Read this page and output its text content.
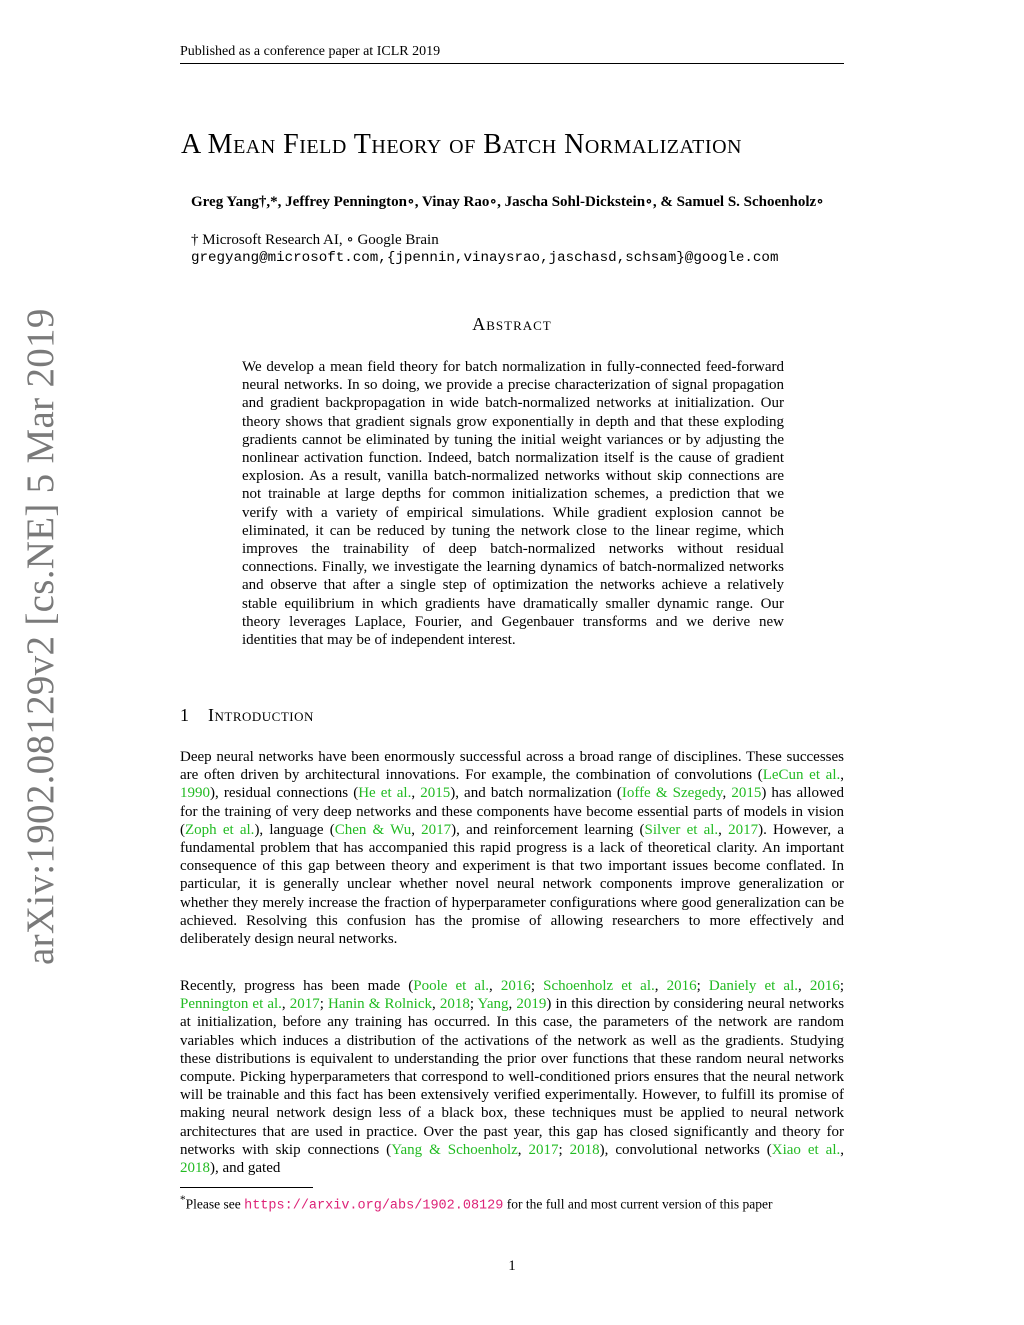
Published as a conference paper at ICLR 2019
arXiv:1902.08129v2 [cs.NE] 5 Mar 2019
A Mean Field Theory of Batch Normalization
Greg Yang†,*, Jeffrey Pennington∘, Vinay Rao∘, Jascha Sohl-Dickstein∘, & Samuel S. Schoenholz∘
† Microsoft Research AI, ∘ Google Brain
gregyang@microsoft.com,{jpennin,vinaysrao,jaschasd,schsam}@google.com
Abstract

We develop a mean field theory for batch normalization in fully-connected feed-forward neural networks. In so doing, we provide a precise characterization of signal propagation and gradient backpropagation in wide batch-normalized networks at initialization. Our theory shows that gradient signals grow exponentially in depth and that these exploding gradients cannot be eliminated by tuning the initial weight variances or by adjusting the nonlinear activation function. Indeed, batch normalization itself is the cause of gradient explosion. As a result, vanilla batch-normalized networks without skip connections are not trainable at large depths for common initialization schemes, a prediction that we verify with a variety of empirical simulations. While gradient explosion cannot be eliminated, it can be reduced by tuning the network close to the linear regime, which improves the trainability of deep batch-normalized networks without residual connections. Finally, we investigate the learning dynamics of batch-normalized networks and observe that after a single step of optimization the networks achieve a relatively stable equilibrium in which gradients have dramatically smaller dynamic range. Our theory leverages Laplace, Fourier, and Gegenbauer transforms and we derive new identities that may be of independent interest.

1 Introduction

Deep neural networks have been enormously successful across a broad range of disciplines. These successes are often driven by architectural innovations. For example, the combination of convolutions (LeCun et al., 1990), residual connections (He et al., 2015), and batch normalization (Ioffe & Szegedy, 2015) has allowed for the training of very deep networks and these components have become essential parts of models in vision (Zoph et al.), language (Chen & Wu, 2017), and reinforcement learning (Silver et al., 2017). However, a fundamental problem that has accompanied this rapid progress is a lack of theoretical clarity. An important consequence of this gap between theory and experiment is that two important issues become conflated. In particular, it is generally unclear whether novel neural network components improve generalization or whether they merely increase the fraction of hyperparameter configurations where good generalization can be achieved. Resolving this confusion has the promise of allowing researchers to more effectively and deliberately design neural networks.

Recently, progress has been made (Poole et al., 2016; Schoenholz et al., 2016; Daniely et al., 2016; Pennington et al., 2017; Hanin & Rolnick, 2018; Yang, 2019) in this direction by considering neural networks at initialization, before any training has occurred. In this case, the parameters of the network are random variables which induces a distribution of the activations of the network as well as the gradients. Studying these distributions is equivalent to understanding the prior over functions that these random neural networks compute. Picking hyperparameters that correspond to well-conditioned priors ensures that the neural network will be trainable and this fact has been extensively verified experimentally. However, to fulfill its promise of making neural network design less of a black box, these techniques must be applied to neural network architectures that are used in practice. Over the past year, this gap has closed significantly and theory for networks with skip connections (Yang & Schoenholz, 2017; 2018), convolutional networks (Xiao et al., 2018), and gated

*Please see https://arxiv.org/abs/1902.08129 for the full and most current version of this paper

1
